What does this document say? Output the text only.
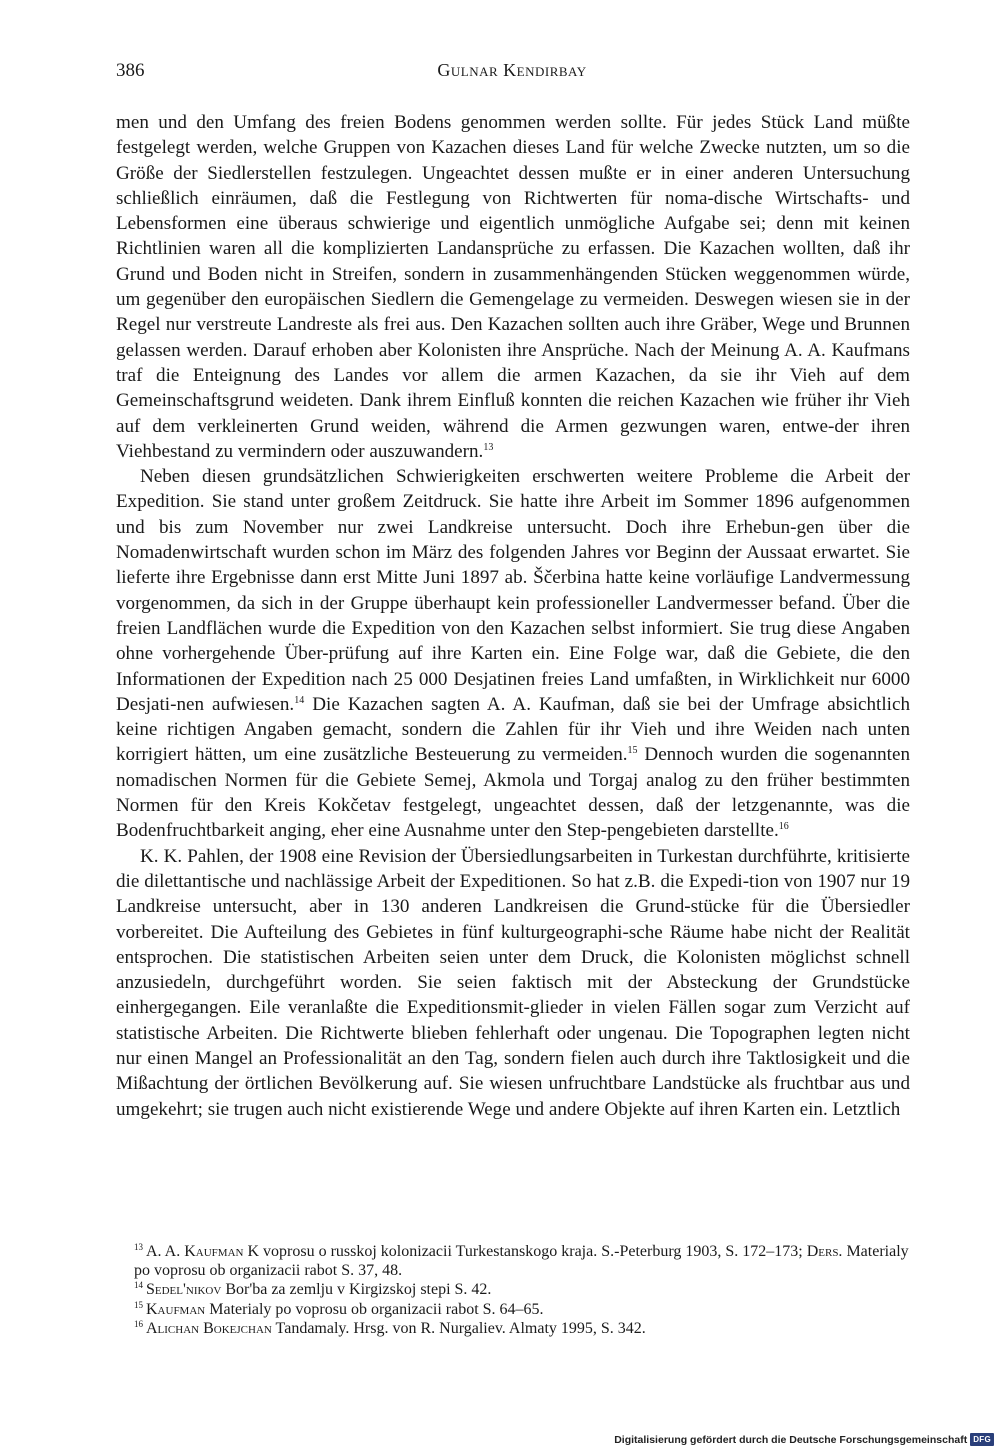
386	Gulnar Kendirbay

men und den Umfang des freien Bodens genommen werden sollte. Für jedes Stück Land müßte festgelegt werden, welche Gruppen von Kazachen dieses Land für welche Zwecke nutzten, um so die Größe der Siedlerstellen festzulegen. Ungeachtet dessen mußte er in einer anderen Untersuchung schließlich einräumen, daß die Festlegung von Richtwerten für noma-dische Wirtschafts- und Lebensformen eine überaus schwierige und eigentlich unmögliche Aufgabe sei; denn mit keinen Richtlinien waren all die komplizierten Landansprüche zu erfassen. Die Kazachen wollten, daß ihr Grund und Boden nicht in Streifen, sondern in zusammenhängenden Stücken weggenommen würde, um gegenüber den europäischen Siedlern die Gemengelage zu vermeiden. Deswegen wiesen sie in der Regel nur verstreute Landreste als frei aus. Den Kazachen sollten auch ihre Gräber, Wege und Brunnen gelassen werden. Darauf erhoben aber Kolonisten ihre Ansprüche. Nach der Meinung A. A. Kaufmans traf die Enteignung des Landes vor allem die armen Kazachen, da sie ihr Vieh auf dem Gemeinschaftsgrund weideten. Dank ihrem Einfluß konnten die reichen Kazachen wie früher ihr Vieh auf dem verkleinerten Grund weiden, während die Armen gezwungen waren, entwe-der ihren Viehbestand zu vermindern oder auszuwandern.$^{13}$

Neben diesen grundsätzlichen Schwierigkeiten erschwerten weitere Probleme die Arbeit der Expedition. Sie stand unter großem Zeitdruck. Sie hatte ihre Arbeit im Sommer 1896 aufgenommen und bis zum November nur zwei Landkreise untersucht. Doch ihre Erhebun-gen über die Nomadenwirtschaft wurden schon im März des folgenden Jahres vor Beginn der Aussaat erwartet. Sie lieferte ihre Ergebnisse dann erst Mitte Juni 1897 ab. Ščerbina hatte keine vorläufige Landvermessung vorgenommen, da sich in der Gruppe überhaupt kein professioneller Landvermesser befand. Über die freien Landflächen wurde die Expedition von den Kazachen selbst informiert. Sie trug diese Angaben ohne vorhergehende Über-prüfung auf ihre Karten ein. Eine Folge war, daß die Gebiete, die den Informationen der Expedition nach 25 000 Desjatinen freies Land umfaßten, in Wirklichkeit nur 6000 Desjati-nen aufwiesen.$^{14}$ Die Kazachen sagten A. A. Kaufman, daß sie bei der Umfrage absichtlich keine richtigen Angaben gemacht, sondern die Zahlen für ihr Vieh und ihre Weiden nach unten korrigiert hätten, um eine zusätzliche Besteuerung zu vermeiden.$^{15}$ Dennoch wurden die sogenannten nomadischen Normen für die Gebiete Semej, Akmola und Torgaj analog zu den früher bestimmten Normen für den Kreis Kokčetav festgelegt, ungeachtet dessen, daß der letzgenannte, was die Bodenfruchtbarkeit anging, eher eine Ausnahme unter den Step-pengebieten darstellte.$^{16}$

K. K. Pahlen, der 1908 eine Revision der Übersiedlungsarbeiten in Turkestan durchführte, kritisierte die dilettantische und nachlässige Arbeit der Expeditionen. So hat z.B. die Expedi-tion von 1907 nur 19 Landkreise untersucht, aber in 130 anderen Landkreisen die Grund-stücke für die Übersiedler vorbereitet. Die Aufteilung des Gebietes in fünf kulturgeographi-sche Räume habe nicht der Realität entsprochen. Die statistischen Arbeiten seien unter dem Druck, die Kolonisten möglichst schnell anzusiedeln, durchgeführt worden. Sie seien faktisch mit der Absteckung der Grundstücke einhergegangen. Eile veranlaßte die Expeditionsmit-glieder in vielen Fällen sogar zum Verzicht auf statistische Arbeiten. Die Richtwerte blieben fehlerhaft oder ungenau. Die Topographen legten nicht nur einen Mangel an Professionalität an den Tag, sondern fielen auch durch ihre Taktlosigkeit und die Mißachtung der örtlichen Bevölkerung auf. Sie wiesen unfruchtbare Landstücke als fruchtbar aus und umgekehrt; sie trugen auch nicht existierende Wege und andere Objekte auf ihren Karten ein. Letztlich

$^{13}$ A. A. Kaufman K voprosu o russkoj kolonizacii Turkestanskogo kraja. S.-Peterburg 1903, S. 172–173; Ders. Materialy po voprosu ob organizacii rabot S. 37, 48.

$^{14}$ Sedel'nikov Bor'ba za zemlju v Kirgizskoj stepi S. 42.

$^{15}$ Kaufman Materialy po voprosu ob organizacii rabot S. 64–65.

$^{16}$ Alichan Bokejchan Tandamaly. Hrsg. von R. Nurgaliev. Almaty 1995, S. 342.

Digitalisierung gefördert durch die Deutsche Forschungsgemeinschaft DFG
